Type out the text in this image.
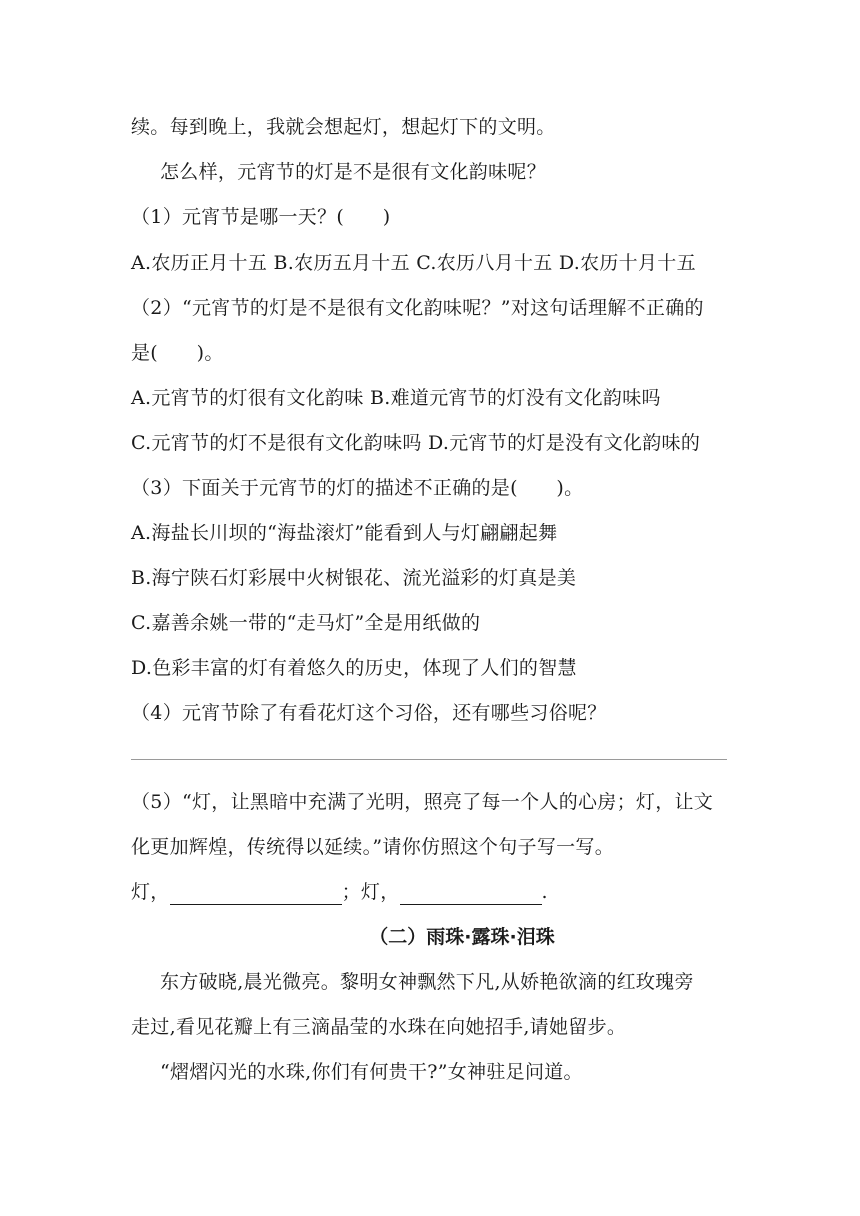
续。每到晚上，我就会想起灯，想起灯下的文明。
怎么样，元宵节的灯是不是很有文化韵味呢？
（1）元宵节是哪一天？(　　)
A.农历正月十五 B.农历五月十五 C.农历八月十五 D.农历十月十五
（2）“元宵节的灯是不是很有文化韵味呢？”对这句话理解不正确的
是(　　)。
A.元宵节的灯很有文化韵味 B.难道元宵节的灯没有文化韵味吗
C.元宵节的灯不是很有文化韵味吗 D.元宵节的灯是没有文化韵味的
（3）下面关于元宵节的灯的描述不正确的是(　　)。
A.海盐长川坝的“海盐滚灯”能看到人与灯翩翩起舞
B.海宁陕石灯彩展中火树银花、流光溢彩的灯真是美
C.嘉善余姚一带的“走马灯”全是用纸做的
D.色彩丰富的灯有着悠久的历史，体现了人们的智慧
（4）元宵节除了有看花灯这个习俗，还有哪些习俗呢？
（5）“灯，让黑暗中充满了光明，照亮了每一个人的心房；灯，让文
化更加辉煌，传统得以延续。”请你仿照这个句子写一写。
灯，	；灯，	.
（二）雨珠·露珠·泪珠
东方破晓,晨光微亮。黎明女神飘然下凡,从娇艳欲滴的红玫瑰旁
走过,看见花瓣上有三滴晶莹的水珠在向她招手,请她留步。
“熠熠闪光的水珠,你们有何贵干?”女神驻足问道。
